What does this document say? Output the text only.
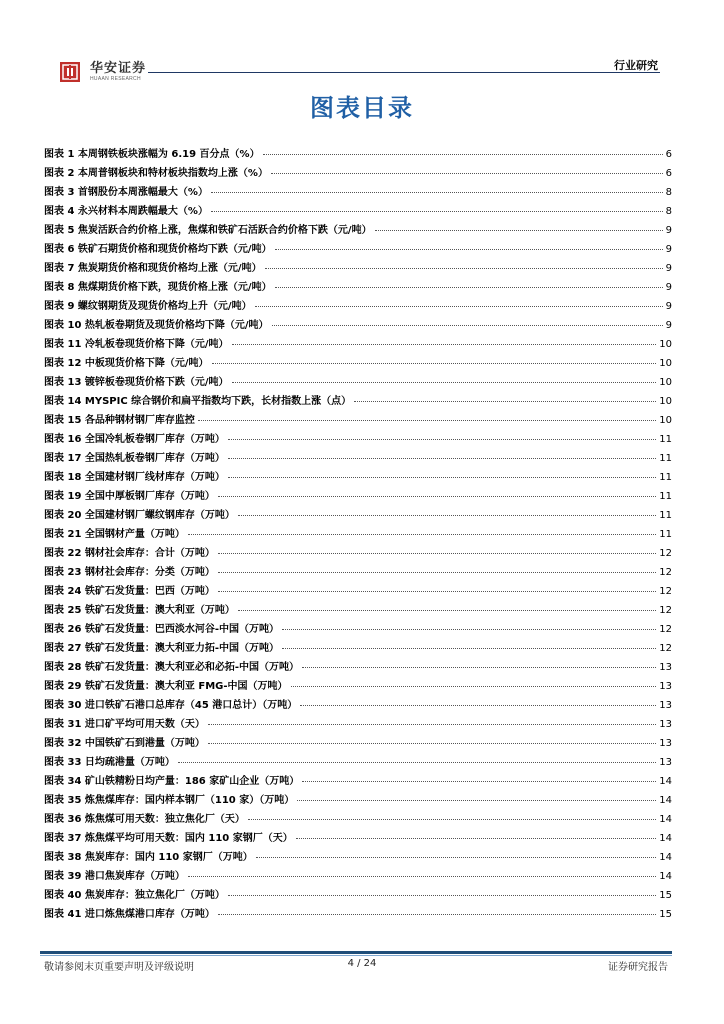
华安证券
HUAAN RESEARCH
行业研究
图表目录
图表 1 本周钢铁板块涨幅为 6.19 百分点（%）	6
图表 2 本周普钢板块和特材板块指数均上涨（%）	6
图表 3 首钢股份本周涨幅最大（%）	8
图表 4 永兴材料本周跌幅最大（%）	8
图表 5 焦炭活跃合约价格上涨，焦煤和铁矿石活跃合约价格下跌（元/吨）	9
图表 6 铁矿石期货价格和现货价格均下跌（元/吨）	9
图表 7 焦炭期货价格和现货价格均上涨（元/吨）	9
图表 8 焦煤期货价格下跌，现货价格上涨（元/吨）	9
图表 9 螺纹钢期货及现货价格均上升（元/吨）	9
图表 10 热轧板卷期货及现货价格均下降（元/吨）	9
图表 11 冷轧板卷现货价格下降（元/吨）	10
图表 12 中板现货价格下降（元/吨）	10
图表 13 镀锌板卷现货价格下跌（元/吨）	10
图表 14 MYSPIC 综合钢价和扁平指数均下跌，长材指数上涨（点）	10
图表 15 各品种钢材钢厂库存监控	10
图表 16 全国冷轧板卷钢厂库存（万吨）	11
图表 17 全国热轧板卷钢厂库存（万吨）	11
图表 18 全国建材钢厂线材库存（万吨）	11
图表 19 全国中厚板钢厂库存（万吨）	11
图表 20 全国建材钢厂螺纹钢库存（万吨）	11
图表 21 全国钢材产量（万吨）	11
图表 22 钢材社会库存：合计（万吨）	12
图表 23 钢材社会库存：分类（万吨）	12
图表 24 铁矿石发货量：巴西（万吨）	12
图表 25 铁矿石发货量：澳大利亚（万吨）	12
图表 26 铁矿石发货量：巴西淡水河谷-中国（万吨）	12
图表 27 铁矿石发货量：澳大利亚力拓-中国（万吨）	12
图表 28 铁矿石发货量：澳大利亚必和必拓-中国（万吨）	13
图表 29 铁矿石发货量：澳大利亚 FMG-中国（万吨）	13
图表 30 进口铁矿石港口总库存（45 港口总计）（万吨）	13
图表 31 进口矿平均可用天数（天）	13
图表 32 中国铁矿石到港量（万吨）	13
图表 33 日均疏港量（万吨）	13
图表 34 矿山铁精粉日均产量：186 家矿山企业（万吨）	14
图表 35 炼焦煤库存：国内样本钢厂（110 家）（万吨）	14
图表 36 炼焦煤可用天数：独立焦化厂（天）	14
图表 37 炼焦煤平均可用天数：国内 110 家钢厂（天）	14
图表 38 焦炭库存：国内 110 家钢厂（万吨）	14
图表 39 港口焦炭库存（万吨）	14
图表 40 焦炭库存：独立焦化厂（万吨）	15
图表 41 进口炼焦煤港口库存（万吨）	15
敬请参阅末页重要声明及评级说明	4 / 24	证券研究报告
